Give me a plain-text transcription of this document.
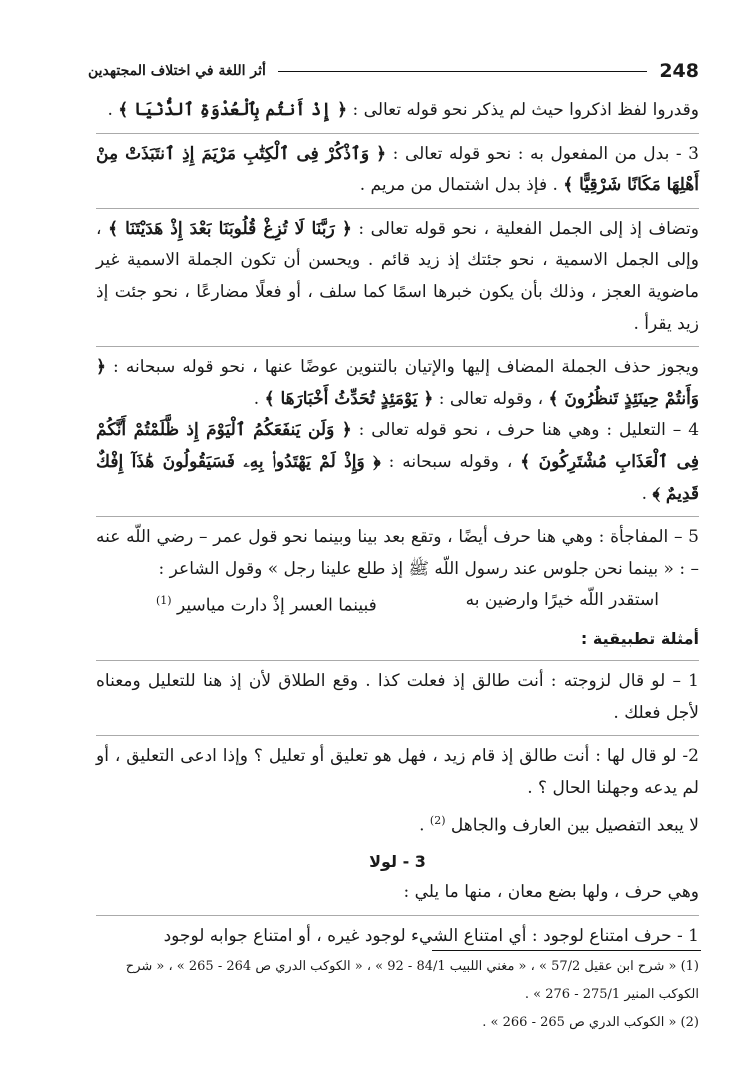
248
أثر اللغة في اختلاف المجتهدين

وقدروا لفظ اذكروا حيث لم يذكر نحو قوله تعالى : ﴿ إِذْ أَنتُم بِٱلْعُدْوَةِ ٱلدُّنْيَا ﴾ .

3 - بدل من المفعول به : نحو قوله تعالى : ﴿ وَٱذْكُرْ فِى ٱلْكِتَٰبِ مَرْيَمَ إِذِ ٱنتَبَذَتْ مِنْ أَهْلِهَا مَكَانًا شَرْقِيًّا ﴾ . فإذ بدل اشتمال من مريم .

وتضاف إذ إلى الجمل الفعلية ، نحو قوله تعالى : ﴿ رَبَّنَا لَا تُزِغْ قُلُوبَنَا بَعْدَ إِذْ هَدَيْتَنَا ﴾ ، وإلى الجمل الاسمية ، نحو جئتك إذ زيد قائم . ويحسن أن تكون الجملة الاسمية غير ماضوية العجز ، وذلك بأن يكون خبرها اسمًا كما سلف ، أو فعلًا مضارعًا ، نحو جئت إذ زيد يقرأ .

ويجوز حذف الجملة المضاف إليها والإتيان بالتنوين عوضًا عنها ، نحو قوله سبحانه : ﴿ وَأَنتُمْ حِينَئِذٍ تَنظُرُونَ ﴾ ، وقوله تعالى : ﴿ يَوْمَئِذٍ تُحَدِّثُ أَخْبَارَهَا ﴾ .

4 – التعليل : وهي هنا حرف ، نحو قوله تعالى : ﴿ وَلَن يَنفَعَكُمُ ٱلْيَوْمَ إِذ ظَّلَمْتُمْ أَنَّكُمْ فِى ٱلْعَذَابِ مُشْتَرِكُونَ ﴾ ، وقوله سبحانه : ﴿ وَإِذْ لَمْ يَهْتَدُوا۟ بِهِۦ فَسَيَقُولُونَ هَٰذَآ إِفْكٌ قَدِيمٌ ﴾ .

5 – المفاجأة : وهي هنا حرف أيضًا ، وتقع بعد بينا وبينما نحو قول عمر – رضي اللّه عنه – : « بينما نحن جلوس عند رسول اللّه ﷺ إذ طلع علينا رجل » وقول الشاعر :

استقدر اللّه خيرًا وارضين به
فبينما العسر إذْ دارت مياسير $^{(1)}$
أمثلة تطبيقية :

1 – لو قال لزوجته : أنت طالق إذ فعلت كذا . وقع الطلاق لأن إذ هنا للتعليل ومعناه لأجل فعلك .

2- لو قال لها : أنت طالق إذ قام زيد ، فهل هو تعليق أو تعليل ؟ وإذا ادعى التعليق ، أو لم يدعه وجهلنا الحال ؟ .

لا يبعد التفصيل بين العارف والجاهل $^{(2)}$ .

3 - لولا

وهي حرف ، ولها بضع معان ، منها ما يلي :

1 - حرف امتناع لوجود : أي امتناع الشيء لوجود غيره ، أو امتناع جوابه لوجود

(1) « شرح ابن عقيل 57/2 » ، « مغني اللبيب 84/1 - 92 » ، « الكوكب الدري ص 264 - 265 » ، « شرح الكوكب المنير 275/1 - 276 » .
(2) « الكوكب الدري ص 265 - 266 » .
